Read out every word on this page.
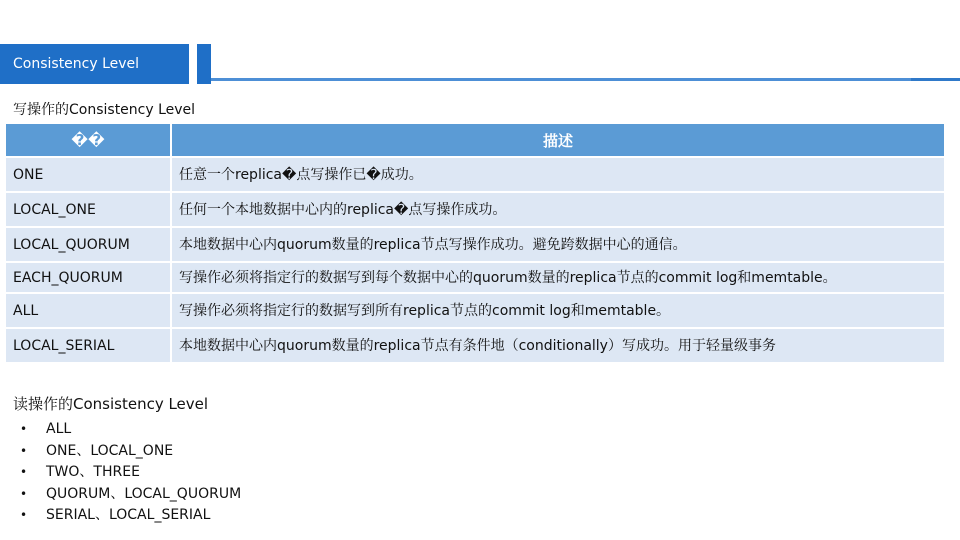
Consistency Level
写操作的Consistency Level
��	描述
ONE	任意一个replica�点写操作已�成功。
LOCAL_ONE	任何一个本地数据中心内的replica�点写操作成功。
LOCAL_QUORUM	本地数据中心内quorum数量的replica节点写操作成功。避免跨数据中心的通信。
EACH_QUORUM	写操作必须将指定行的数据写到每个数据中心的quorum数量的replica节点的commit log和memtable。
ALL	写操作必须将指定行的数据写到所有replica节点的commit log和memtable。
LOCAL_SERIAL	本地数据中心内quorum数量的replica节点有条件地（conditionally）写成功。用于轻量级事务
读操作的Consistency Level
• ALL
• ONE、LOCAL_ONE
• TWO、THREE
• QUORUM、LOCAL_QUORUM
• SERIAL、LOCAL_SERIAL
